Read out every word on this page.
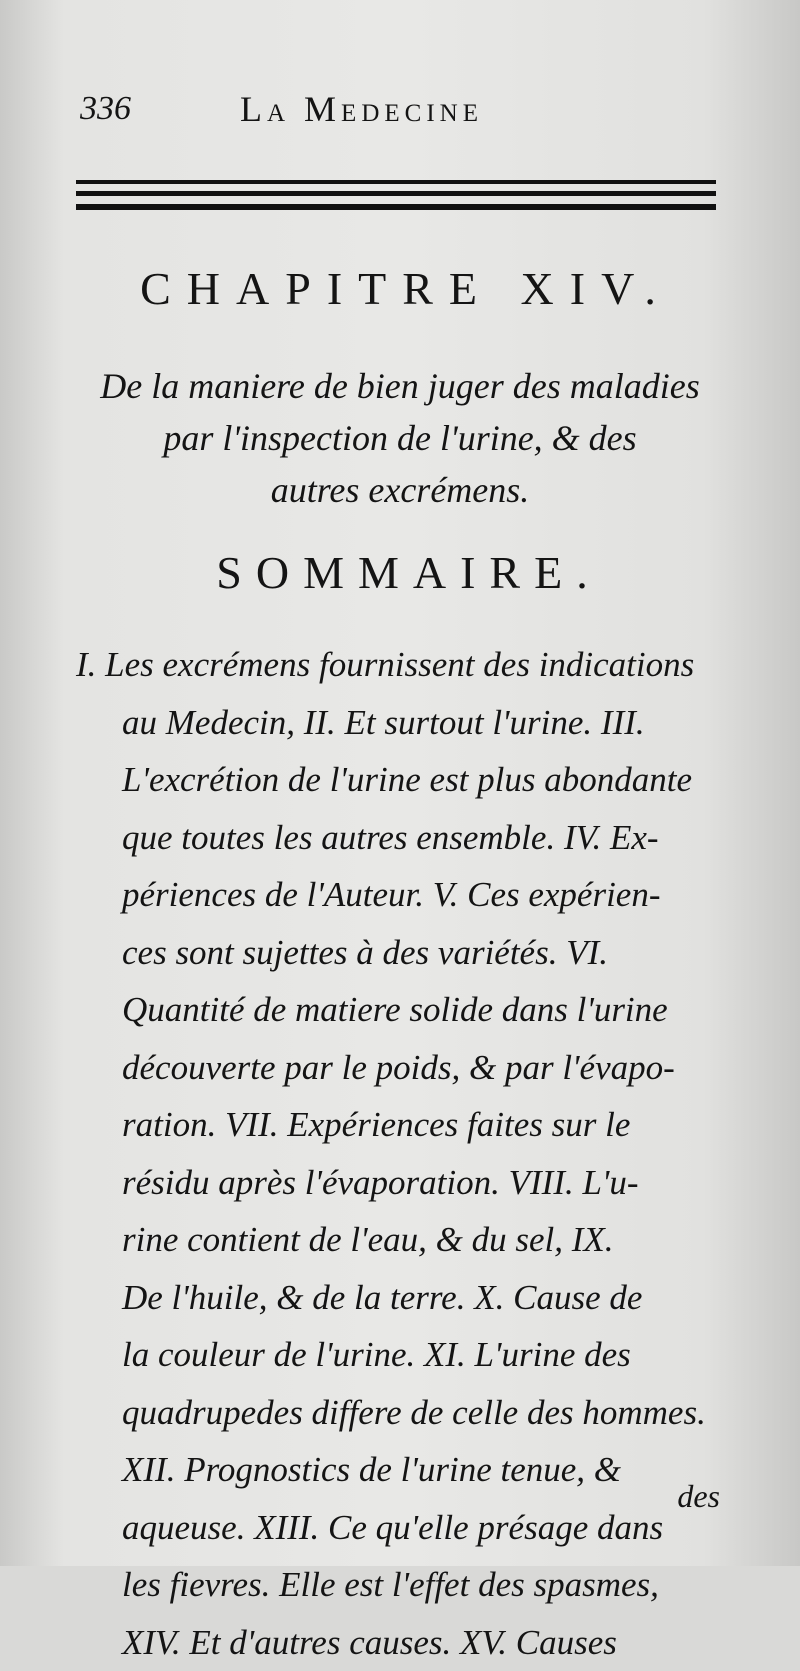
336	La Medecine
CHAPITRE XIV.
De la maniere de bien juger des maladies
par l'inspection de l'urine, & des
autres excrémens.
SOMMAIRE.
I. Les excrémens fournissent des indications
au Medecin, II. Et surtout l'urine. III.
L'excrétion de l'urine est plus abondante
que toutes les autres ensemble. IV. Ex-
périences de l'Auteur. V. Ces expérien-
ces sont sujettes à des variétés. VI.
Quantité de matiere solide dans l'urine
découverte par le poids, & par l'évapo-
ration. VII. Expériences faites sur le
résidu après l'évaporation. VIII. L'u-
rine contient de l'eau, & du sel, IX.
De l'huile, & de la terre. X. Cause de
la couleur de l'urine. XI. L'urine des
quadrupedes differe de celle des hommes.
XII. Prognostics de l'urine tenue, &
aqueuse. XIII. Ce qu'elle présage dans
les fievres. Elle est l'effet des spasmes,
XIV. Et d'autres causes. XV. Causes
des
